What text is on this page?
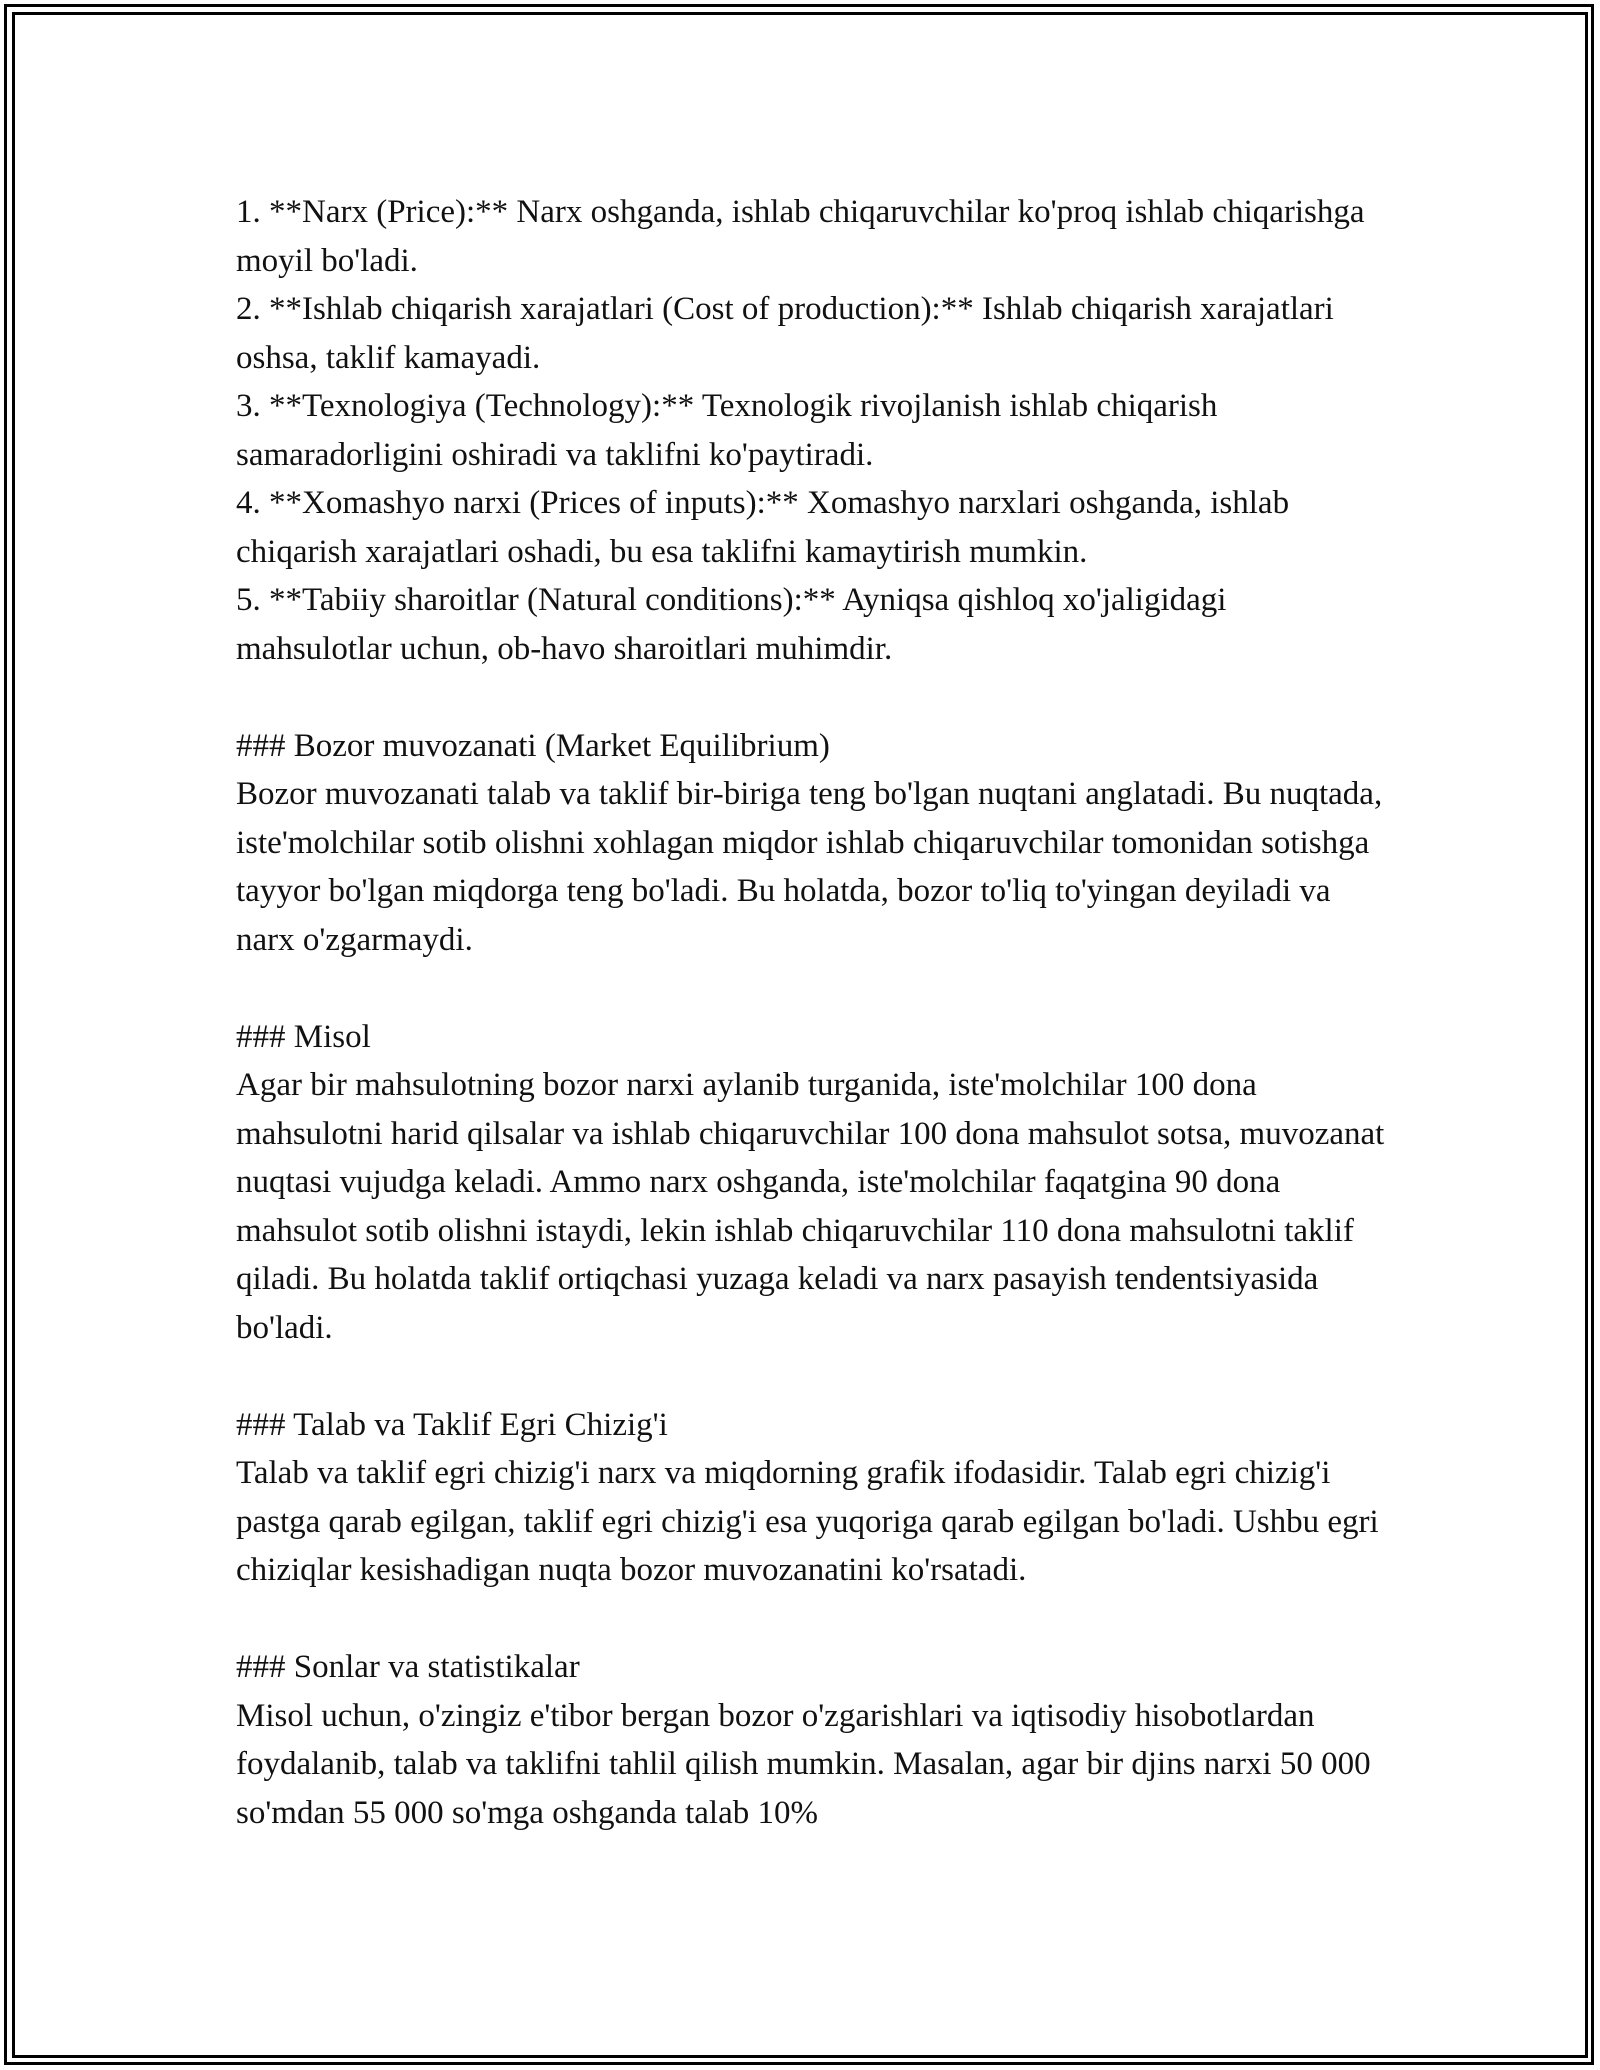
1. **Narx (Price):** Narx oshganda, ishlab chiqaruvchilar ko'proq ishlab chiqarishga moyil bo'ladi.

2. **Ishlab chiqarish xarajatlari (Cost of production):** Ishlab chiqarish xarajatlari oshsa, taklif kamayadi.

3. **Texnologiya (Technology):** Texnologik rivojlanish ishlab chiqarish samaradorligini oshiradi va taklifni ko'paytiradi.

4. **Xomashyo narxi (Prices of inputs):** Xomashyo narxlari oshganda, ishlab chiqarish xarajatlari oshadi, bu esa taklifni kamaytirish mumkin.

5. **Tabiiy sharoitlar (Natural conditions):** Ayniqsa qishloq xo'jaligidagi mahsulotlar uchun, ob-havo sharoitlari muhimdir.

### Bozor muvozanati (Market Equilibrium)

Bozor muvozanati talab va taklif bir-biriga teng bo'lgan nuqtani anglatadi. Bu nuqtada, iste'molchilar sotib olishni xohlagan miqdor ishlab chiqaruvchilar tomonidan sotishga tayyor bo'lgan miqdorga teng bo'ladi. Bu holatda, bozor to'liq to'yingan deyiladi va narx o'zgarmaydi.

### Misol

Agar bir mahsulotning bozor narxi aylanib turganida, iste'molchilar 100 dona mahsulotni harid qilsalar va ishlab chiqaruvchilar 100 dona mahsulot sotsa, muvozanat nuqtasi vujudga keladi. Ammo narx oshganda, iste'molchilar faqatgina 90 dona mahsulot sotib olishni istaydi, lekin ishlab chiqaruvchilar 110 dona mahsulotni taklif qiladi. Bu holatda taklif ortiqchasi yuzaga keladi va narx pasayish tendentsiyasida bo'ladi.

### Talab va Taklif Egri Chizig'i

Talab va taklif egri chizig'i narx va miqdorning grafik ifodasidir. Talab egri chizig'i pastga qarab egilgan, taklif egri chizig'i esa yuqoriga qarab egilgan bo'ladi. Ushbu egri chiziqlar kesishadigan nuqta bozor muvozanatini ko'rsatadi.

### Sonlar va statistikalar

Misol uchun, o'zingiz e'tibor bergan bozor o'zgarishlari va iqtisodiy hisobotlardan foydalanib, talab va taklifni tahlil qilish mumkin. Masalan, agar bir djins narxi 50 000 so'mdan 55 000 so'mga oshganda talab 10%
